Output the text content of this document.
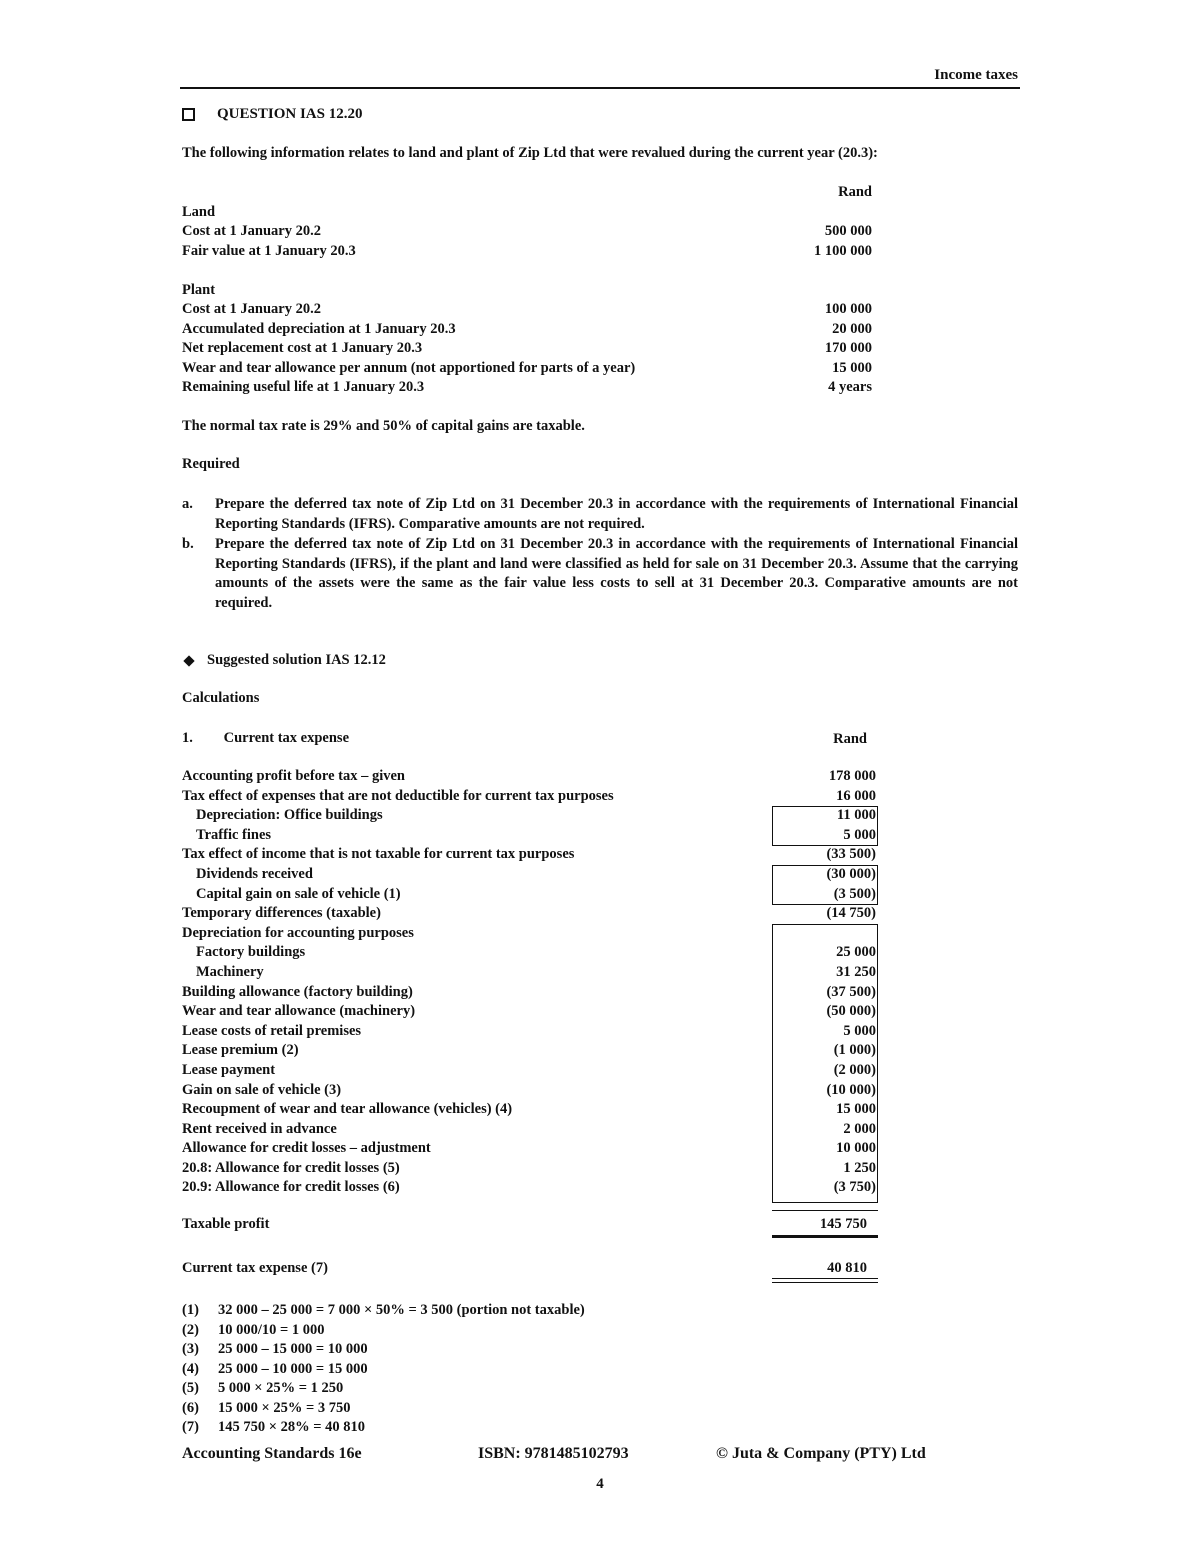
Income taxes
QUESTION IAS 12.20
The following information relates to land and plant of Zip Ltd that were revalued during the current year (20.3):
Rand
Land
Cost at 1 January 20.2	500 000
Fair value at 1 January 20.3	1 100 000
Plant
Cost at 1 January 20.2	100 000
Accumulated depreciation at 1 January 20.3	20 000
Net replacement cost at 1 January 20.3	170 000
Wear and tear allowance per annum (not apportioned for parts of a year)	15 000
Remaining useful life at 1 January 20.3	4 years
The normal tax rate is 29% and 50% of capital gains are taxable.
Required
a. Prepare the deferred tax note of Zip Ltd on 31 December 20.3 in accordance with the requirements of International Financial Reporting Standards (IFRS). Comparative amounts are not required.
b. Prepare the deferred tax note of Zip Ltd on 31 December 20.3 in accordance with the requirements of International Financial Reporting Standards (IFRS), if the plant and land were classified as held for sale on 31 December 20.3. Assume that the carrying amounts of the assets were the same as the fair value less costs to sell at 31 December 20.3. Comparative amounts are not required.
Suggested solution IAS 12.12
Calculations
1. Current tax expense	Rand
Accounting profit before tax – given	178 000
Tax effect of expenses that are not deductible for current tax purposes	16 000
Depreciation: Office buildings	11 000
Traffic fines	5 000
Tax effect of income that is not taxable for current tax purposes	(33 500)
Dividends received	(30 000)
Capital gain on sale of vehicle (1)	(3 500)
Temporary differences (taxable)	(14 750)
Depreciation for accounting purposes	
Factory buildings	25 000
Machinery	31 250
Building allowance (factory building)	(37 500)
Wear and tear allowance (machinery)	(50 000)
Lease costs of retail premises	5 000
Lease premium (2)	(1 000)
Lease payment	(2 000)
Gain on sale of vehicle (3)	(10 000)
Recoupment of wear and tear allowance (vehicles) (4)	15 000
Rent received in advance	2 000
Allowance for credit losses – adjustment	10 000
20.8: Allowance for credit losses (5)	1 250
20.9: Allowance for credit losses (6)	(3 750)
Taxable profit	145 750
Current tax expense (7)	40 810
(1) 32 000 – 25 000 = 7 000 × 50% = 3 500 (portion not taxable)
(2) 10 000/10 = 1 000
(3) 25 000 – 15 000 = 10 000
(4) 25 000 – 10 000 = 15 000
(5) 5 000 × 25% = 1 250
(6) 15 000 × 25% = 3 750
(7) 145 750 × 28% = 40 810
Accounting Standards 16e	ISBN: 9781485102793	© Juta & Company (PTY) Ltd
4
